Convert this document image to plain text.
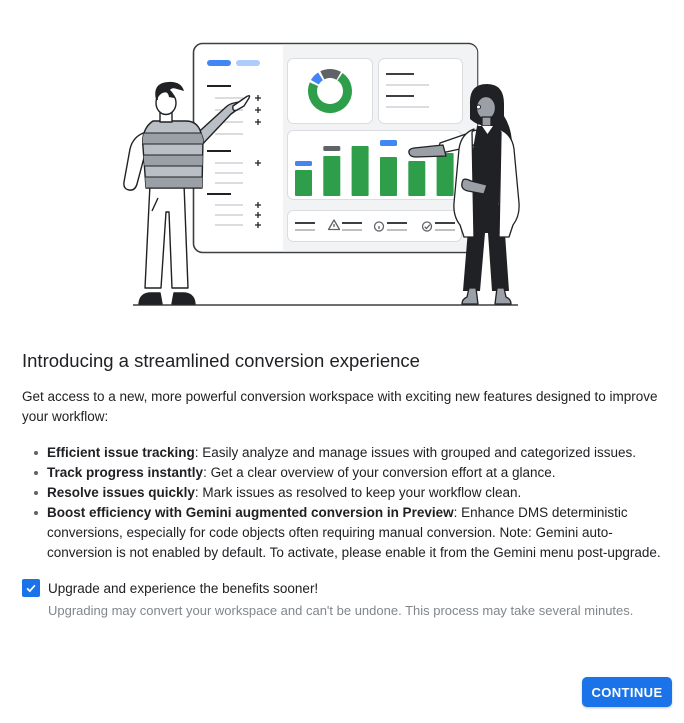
Introducing a streamlined conversion experience

Get access to a new, more powerful conversion workspace with exciting new features designed to improve your workflow:

Efficient issue tracking: Easily analyze and manage issues with grouped and categorized issues.
Track progress instantly: Get a clear overview of your conversion effort at a glance.
Resolve issues quickly: Mark issues as resolved to keep your workflow clean.
Boost efficiency with Gemini augmented conversion in Preview: Enhance DMS deterministic conversions, especially for code objects often requiring manual conversion. Note: Gemini auto-conversion is not enabled by default. To activate, please enable it from the Gemini menu post-upgrade.
Upgrade and experience the benefits sooner!
Upgrading may convert your workspace and can't be undone. This process may take several minutes.
CONTINUE
